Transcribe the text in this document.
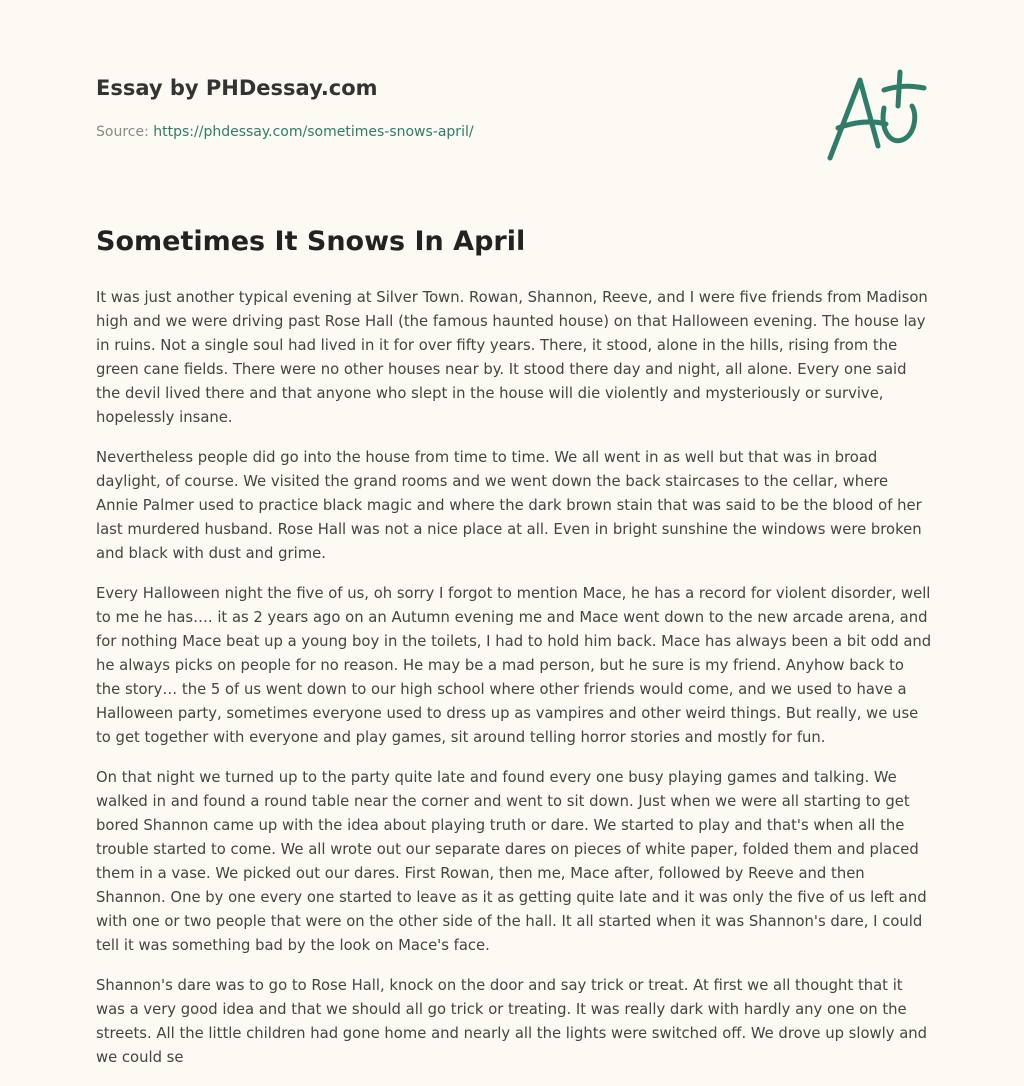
Essay by PHDessay.com
Source: https://phdessay.com/sometimes-snows-april/
Sometimes It Snows In April

It was just another typical evening at Silver Town. Rowan, Shannon, Reeve, and I were five friends from Madison high and we were driving past Rose Hall (the famous haunted house) on that Halloween evening. The house lay in ruins. Not a single soul had lived in it for over fifty years. There, it stood, alone in the hills, rising from the green cane fields. There were no other houses near by. It stood there day and night, all alone. Every one said the devil lived there and that anyone who slept in the house will die violently and mysteriously or survive, hopelessly insane.

Nevertheless people did go into the house from time to time. We all went in as well but that was in broad daylight, of course. We visited the grand rooms and we went down the back staircases to the cellar, where Annie Palmer used to practice black magic and where the dark brown stain that was said to be the blood of her last murdered husband. Rose Hall was not a nice place at all. Even in bright sunshine the windows were broken and black with dust and grime.

Every Halloween night the five of us, oh sorry I forgot to mention Mace, he has a record for violent disorder, well to me he has…. it as 2 years ago on an Autumn evening me and Mace went down to the new arcade arena, and for nothing Mace beat up a young boy in the toilets, I had to hold him back. Mace has always been a bit odd and he always picks on people for no reason. He may be a mad person, but he sure is my friend. Anyhow back to the story… the 5 of us went down to our high school where other friends would come, and we used to have a Halloween party, sometimes everyone used to dress up as vampires and other weird things. But really, we use to get together with everyone and play games, sit around telling horror stories and mostly for fun.

On that night we turned up to the party quite late and found every one busy playing games and talking. We walked in and found a round table near the corner and went to sit down. Just when we were all starting to get bored Shannon came up with the idea about playing truth or dare. We started to play and that's when all the trouble started to come. We all wrote out our separate dares on pieces of white paper, folded them and placed them in a vase. We picked out our dares. First Rowan, then me, Mace after, followed by Reeve and then Shannon. One by one every one started to leave as it as getting quite late and it was only the five of us left and with one or two people that were on the other side of the hall. It all started when it was Shannon's dare, I could tell it was something bad by the look on Mace's face.

Shannon's dare was to go to Rose Hall, knock on the door and say trick or treat. At first we all thought that it was a very good idea and that we should all go trick or treating. It was really dark with hardly any one on the streets. All the little children had gone home and nearly all the lights were switched off. We drove up slowly and we could se
